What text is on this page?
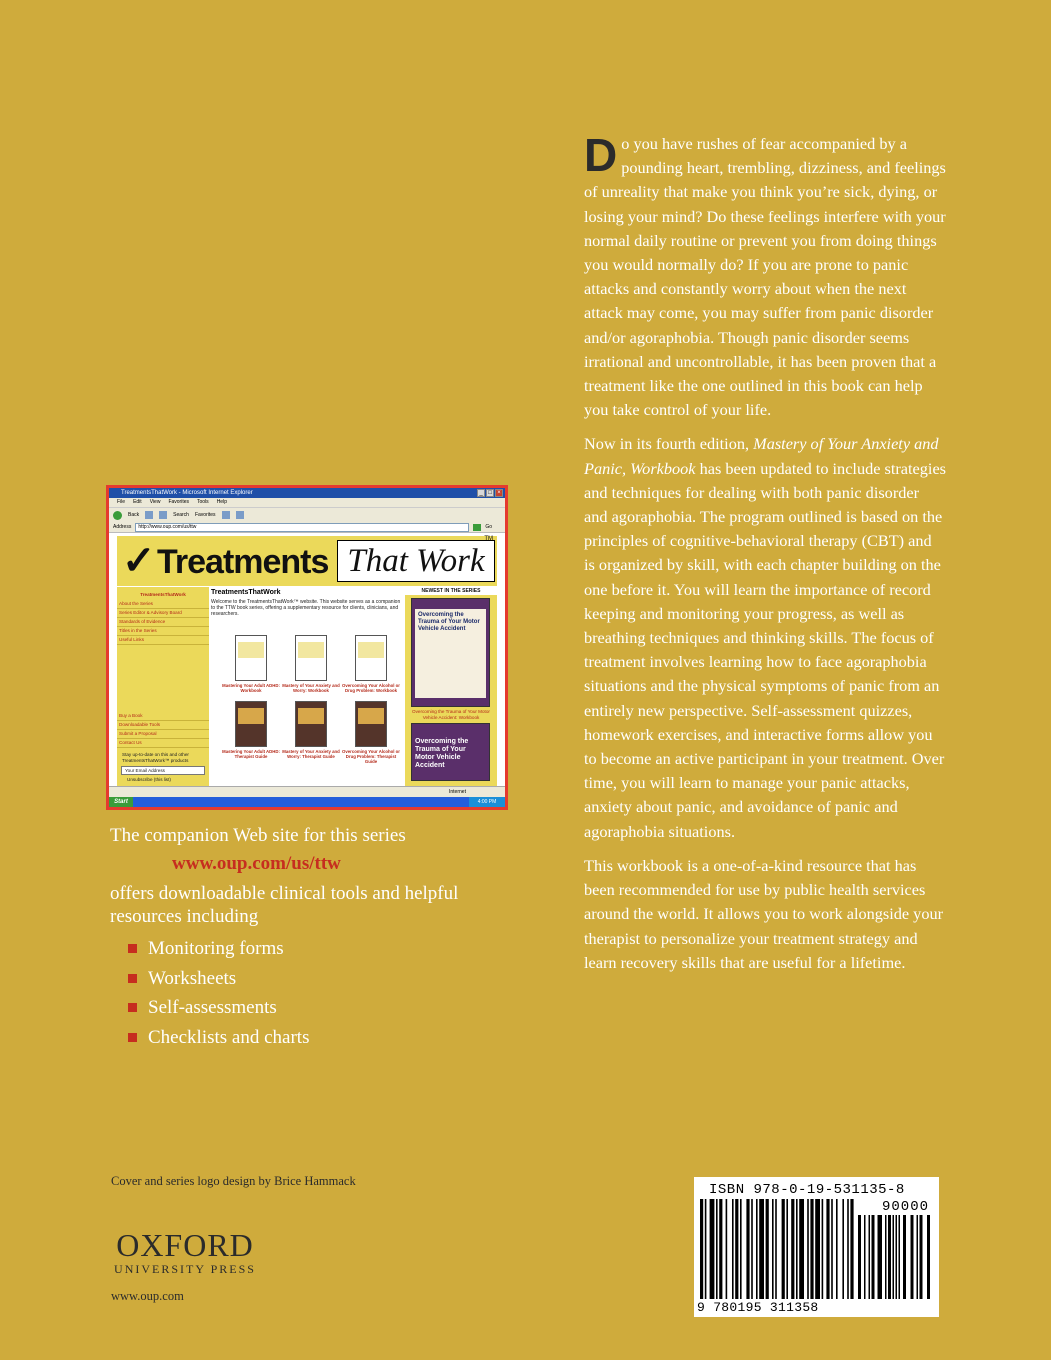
Do you have rushes of fear accompanied by a pounding heart, trembling, dizziness, and feelings of unreality that make you think you’re sick, dying, or losing your mind? Do these feelings interfere with your normal daily routine or prevent you from doing things you would normally do? If you are prone to panic attacks and constantly worry about when the next attack may come, you may suffer from panic disorder and/or agoraphobia. Though panic disorder seems irrational and uncontrollable, it has been proven that a treatment like the one outlined in this book can help you take control of your life.

Now in its fourth edition, Mastery of Your Anxiety and Panic, Workbook has been updated to include strategies and techniques for dealing with both panic disorder and agoraphobia. The program outlined is based on the principles of cognitive-behavioral therapy (CBT) and is organized by skill, with each chapter building on the one before it. You will learn the importance of record keeping and monitoring your progress, as well as breathing techniques and thinking skills. The focus of treatment involves learning how to face agoraphobia situations and the physical symptoms of panic from an entirely new perspective. Self-assessment quizzes, homework exercises, and interactive forms allow you to become an active participant in your treatment. Over time, you will learn to manage your panic attacks, anxiety about panic, and avoidance of panic and agoraphobia situations.

This workbook is a one-of-a-kind resource that has been recommended for use by public health services around the world. It allows you to work alongside your therapist to personalize your treatment strategy and learn recovery skills that are useful for a lifetime.

TreatmentsThatWork - Microsoft Internet Explorer	_ □ ×
File Edit View Favorites Tools Help
Back	Search Favorites
Address	http://www.oup.com/us/ttw	Go
✓ Treatments That Work
TM
TreatmentsThatWork
About the Series
Series Editor & Advisory Board
Standards of Evidence
Titles in the Series
Useful Links
Buy a Book
Downloadable Tools
Submit a Proposal
Contact Us
Stay up-to-date on this and other TreatmentsThatWork™ products
Your Email Address
Unsubscribe (this list)
TreatmentsThatWork
Welcome to the TreatmentsThatWork™ website. This website serves as a companion to the TTW book series, offering a supplementary resource for clients, clinicians, and researchers.
Mastering Your Adult ADHD: Workbook
Mastery of Your Anxiety and Worry: Workbook
Overcoming Your Alcohol or Drug Problem: Workbook
Mastering Your Adult ADHD: Therapist Guide
Mastery of Your Anxiety and Worry: Therapist Guide
Overcoming Your Alcohol or Drug Problem: Therapist Guide
NEWEST IN THE SERIES
Overcoming the Trauma of Your Motor Vehicle Accident
Overcoming the Trauma of Your Motor Vehicle Accident: Workbook
Overcoming the Trauma of Your Motor Vehicle Accident
Internet
Start	4:00 PM

The companion Web site for this series

www.oup.com/us/ttw

offers downloadable clinical tools and helpful resources including

Monitoring forms
Worksheets
Self-assessments
Checklists and charts
Cover and series logo design by Brice Hammack
OXFORD
UNIVERSITY PRESS
www.oup.com
ISBN 978-0-19-531135-8
90000
9 780195 311358
